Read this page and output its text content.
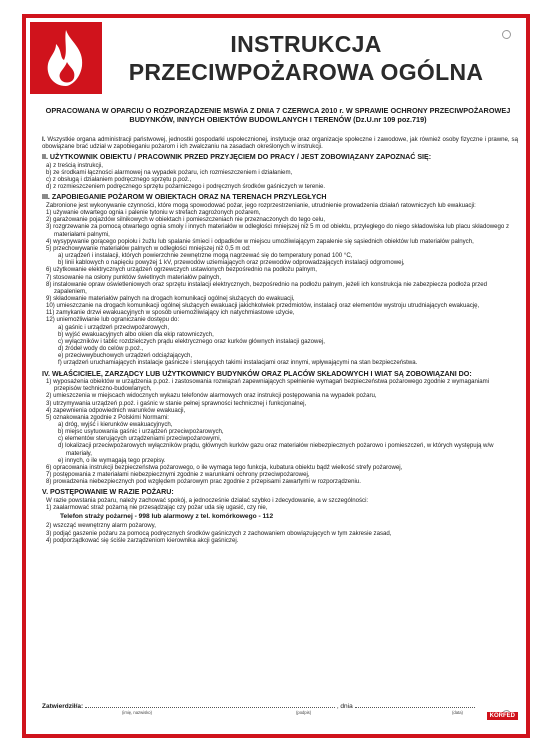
INSTRUKCJA
PRZECIWPOŻAROWA OGÓLNA
OPRACOWANA W OPARCIU O ROZPORZĄDZENIE MSWiA Z DNIA 7 CZERWCA 2010 r. W SPRAWIE OCHRONY PRZECIWPOŻAROWEJ
BUDYNKÓW, INNYCH OBIEKTÓW BUDOWLANYCH I TERENÓW (Dz.U.nr 109 poz.719)
I. Wszystkie organa administracji państwowej, jednostki gospodarki uspołecznionej, instytucje oraz organizacje społeczne i zawodowe, jak również osoby fizyczne i prawne, są obowiązane brać udział w zapobieganiu pożarom i ich zwalczaniu na zasadach określonych w instrukcji.
II. UŻYTKOWNIK OBIEKTU / PRACOWNIK PRZED PRZYJĘCIEM DO PRACY / JEST ZOBOWIĄZANY ZAPOZNAĆ SIĘ:
a) z treścią instrukcji,
b) ze środkami łączności alarmowej na wypadek pożaru, ich rozmieszczeniem i działaniem,
c) z obsługą i działaniem podręcznego sprzętu p.poż.,
d) z rozmieszczeniem podręcznego sprzętu pożarniczego i podręcznych środków gaśniczych w terenie.
III. ZAPOBIEGANIE POŻAROM W OBIEKTACH ORAZ NA TERENACH PRZYLEGŁYCH
Zabronione jest wykonywanie czynności, które mogą spowodować pożar, jego rozprzestrzenianie, utrudnienie prowadzenia działań ratowniczych lub ewakuacji:
1) używanie otwartego ognia i palenie tytoniu w strefach zagrożonych pożarem,
2) garażowanie pojazdów silnikowych w obiektach i pomieszczeniach nie przeznaczonych do tego celu,
3) rozgrzewanie za pomocą otwartego ognia smoły i innych materiałów w odległości mniejszej niż 5 m od obiektu, przyległego do niego składowiska lub placu składowego z materiałami palnymi,
4) wysypywanie gorącego popiołu i żużlu lub spalanie śmieci i odpadków w miejscu umożliwiającym zapalenie się sąsiednich obiektów lub materiałów palnych,
5) przechowywanie materiałów palnych w odległości mniejszej niż 0,5 m od:
a) urządzeń i instalacji, których powierzchnie zewnętrzne mogą nagrzewać się do temperatury ponad 100 °C,
b) linii kablowych o napięciu powyżej 1 kV, przewodów uziemiających oraz przewodów odprowadzających instalacji odgromowej,
6) użytkowanie elektrycznych urządzeń ogrzewczych ustawionych bezpośrednio na podłożu palnym,
7) stosowanie na osłony punktów świetlnych materiałów palnych,
8) instalowanie opraw oświetleniowych oraz sprzętu instalacji elektrycznych, bezpośrednio na podłożu palnym, jeżeli ich konstrukcja nie zabezpiecza podłoża przed zapaleniem,
9) składowanie materiałów palnych na drogach komunikacji ogólnej służących do ewakuacji,
10) umieszczanie na drogach komunikacji ogólnej służących ewakuacji jakichkolwiek przedmiotów, instalacji oraz elementów wystroju utrudniających ewakuację,
11) zamykanie drzwi ewakuacyjnych w sposób uniemożliwiający ich natychmiastowe użycie,
12) uniemożliwianie lub ograniczanie dostępu do:
a) gaśnic i urządzeń przeciwpożarowych,
b) wyjść ewakuacyjnych albo okien dla ekip ratowniczych,
c) wyłączników i tablic rozdzielczych prądu elektrycznego oraz kurków głównych instalacji gazowej,
d) źródeł wody do celów p.poż.,
e) przeciwwybuchowych urządzeń odciążających,
f) urządzeń uruchamiających instalacje gaśnicze i sterujących takimi instalacjami oraz innymi, wpływającymi na stan bezpieczeństwa.
IV. WŁAŚCICIELE, ZARZĄDCY LUB UŻYTKOWNICY BUDYNKÓW ORAZ PLACÓW SKŁADOWYCH I WIAT SĄ ZOBOWIĄZANI DO:
1) wyposażenia obiektów w urządzenia p.poż. i zastosowania rozwiązań zapewniających spełnienie wymagań bezpieczeństwa pożarowego zgodnie z wymaganiami przepisów techniczno-budowlanych,
2) umieszczenia w miejscach widocznych wykazu telefonów alarmowych oraz instrukcji postępowania na wypadek pożaru,
3) utrzymywania urządzeń p.poż. i gaśnic w stanie pełnej sprawności technicznej i funkcjonalnej,
4) zapewnienia odpowiednich warunków ewakuacji,
5) oznakowania zgodnie z Polskimi Normami:
a) dróg, wyjść i kierunków ewakuacyjnych,
b) miejsc usytuowania gaśnic i urządzeń przeciwpożarowych,
c) elementów sterujących urządzeniami przeciwpożarowymi,
d) lokalizacji przeciwpożarowych wyłączników prądu, głównych kurków gazu oraz materiałów niebezpiecznych pożarowo i pomieszczeń, w których występują w/w materiały,
e) innych, o ile wymagają tego przepisy.
6) opracowania instrukcji bezpieczeństwa pożarowego, o ile wymaga tego funkcja, kubatura obiektu bądź wielkość strefy pożarowej,
7) postępowania z materiałami niebezpiecznymi zgodnie z warunkami ochrony przeciwpożarowej,
8) prowadzenia niebezpiecznych pod względem pożarowym prac zgodnie z przepisami zawartymi w rozporządzeniu.
V. POSTĘPOWANIE W RAZIE POŻARU:
W razie powstania pożaru, należy zachować spokój, a jednocześnie działać szybko i zdecydowanie, a w szczególności:
1) zaalarmować straż pożarną nie przesądzając czy pożar uda się ugasić, czy nie,
Telefon straży pożarnej - 998 lub alarmowy z tel. komórkowego - 112
2) wszcząć wewnętrzny alarm pożarowy,
3) podjąć gaszenie pożaru za pomocą podręcznych środków gaśniczych z zachowaniem obowiązujących w tym zakresie zasad,
4) podporządkować się ściśle zarządzeniom kierownika akcji gaśniczej.
Zatwierdził/a:	, dnia
(imię, nazwisko)	(podpis)	(data)
KORFED
